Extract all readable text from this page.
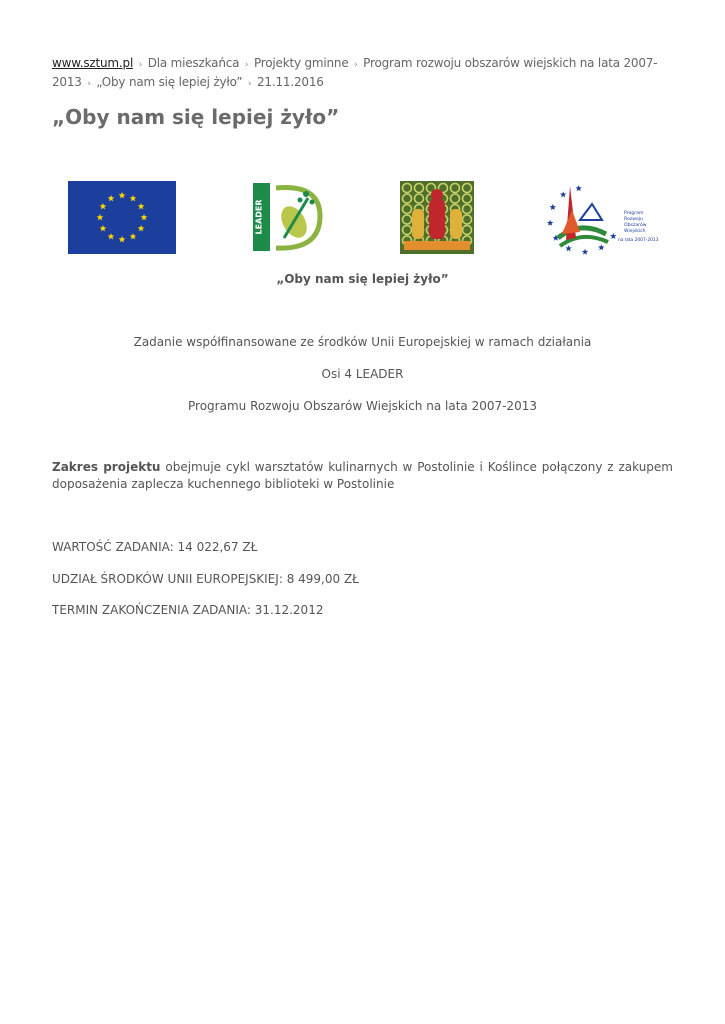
www.sztum.pl › Dla mieszkańca › Projekty gminne › Program rozwoju obszarów wiejskich na lata 2007-2013 › „Oby nam się lepiej żyło” › 21.11.2016
„Oby nam się lepiej żyło”
LEADER	Program
Rozwoju
Obszarów
Wiejskich
na lata 2007-2013
„Oby nam się lepiej żyło”
Zadanie współfinansowane ze środków Unii Europejskiej w ramach działania
Osi 4 LEADER
Programu Rozwoju Obszarów Wiejskich na lata 2007-2013
Zakres projektu obejmuje cykl warsztatów kulinarnych w Postolinie i Koślince połączony z zakupem doposażenia zaplecza kuchennego biblioteki w Postolinie
WARTOŚĆ ZADANIA: 14 022,67 ZŁ
UDZIAŁ ŚRODKÓW UNII EUROPEJSKIEJ: 8 499,00 ZŁ
TERMIN ZAKOŃCZENIA ZADANIA: 31.12.2012
